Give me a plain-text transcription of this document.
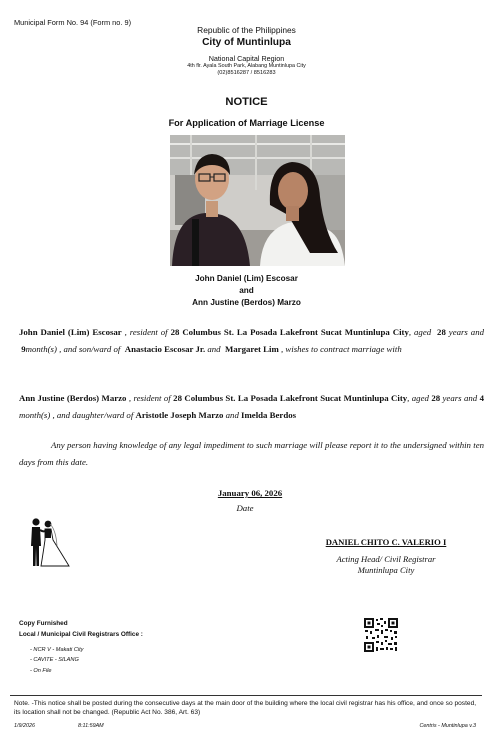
Municipal Form No. 94 (Form no. 9)
Republic of the Philippines
City of Muntinlupa
National Capital Region
4th flr. Ayala South Park, Alabang Muntinlupa City
(02)8516287 / 8516283
NOTICE
For Application of Marriage License
John Daniel (Lim) Escosar
and
Ann Justine (Berdos) Marzo
John Daniel (Lim) Escosar , resident of 28 Columbus St. La Posada Lakefront Sucat Muntinlupa City, aged 28 years and  9month(s) , and son/ward of Anastacio Escosar Jr. and Margaret Lim , wishes to contract marriage with
Ann Justine (Berdos) Marzo , resident of 28 Columbus St. La Posada Lakefront Sucat Muntinlupa City, aged 28 years and 4 month(s) , and daughter/ward of Aristotle Joseph Marzo and Imelda Berdos
Any person having knowledge of any legal impediment to such marriage will please report it to the undersigned within ten days from this date.
January 06, 2026
Date
DANIEL CHITO C. VALERIO I
Acting Head/ Civil Registrar
Muntinlupa City
Copy Furnished
Local / Municipal Civil Registrars Office :
- NCR V - Makati City
- CAVITE - SILANG
- On File
Note. -This notice shall be posted during the consecutive days at the main door of the building where the local civil registrar has his office, and once so posted, its location shall not be changed. (Republic Act No. 386, Art. 63)
1/9/2026	8:11:59AM	Centris - Muntinlupa v.3
